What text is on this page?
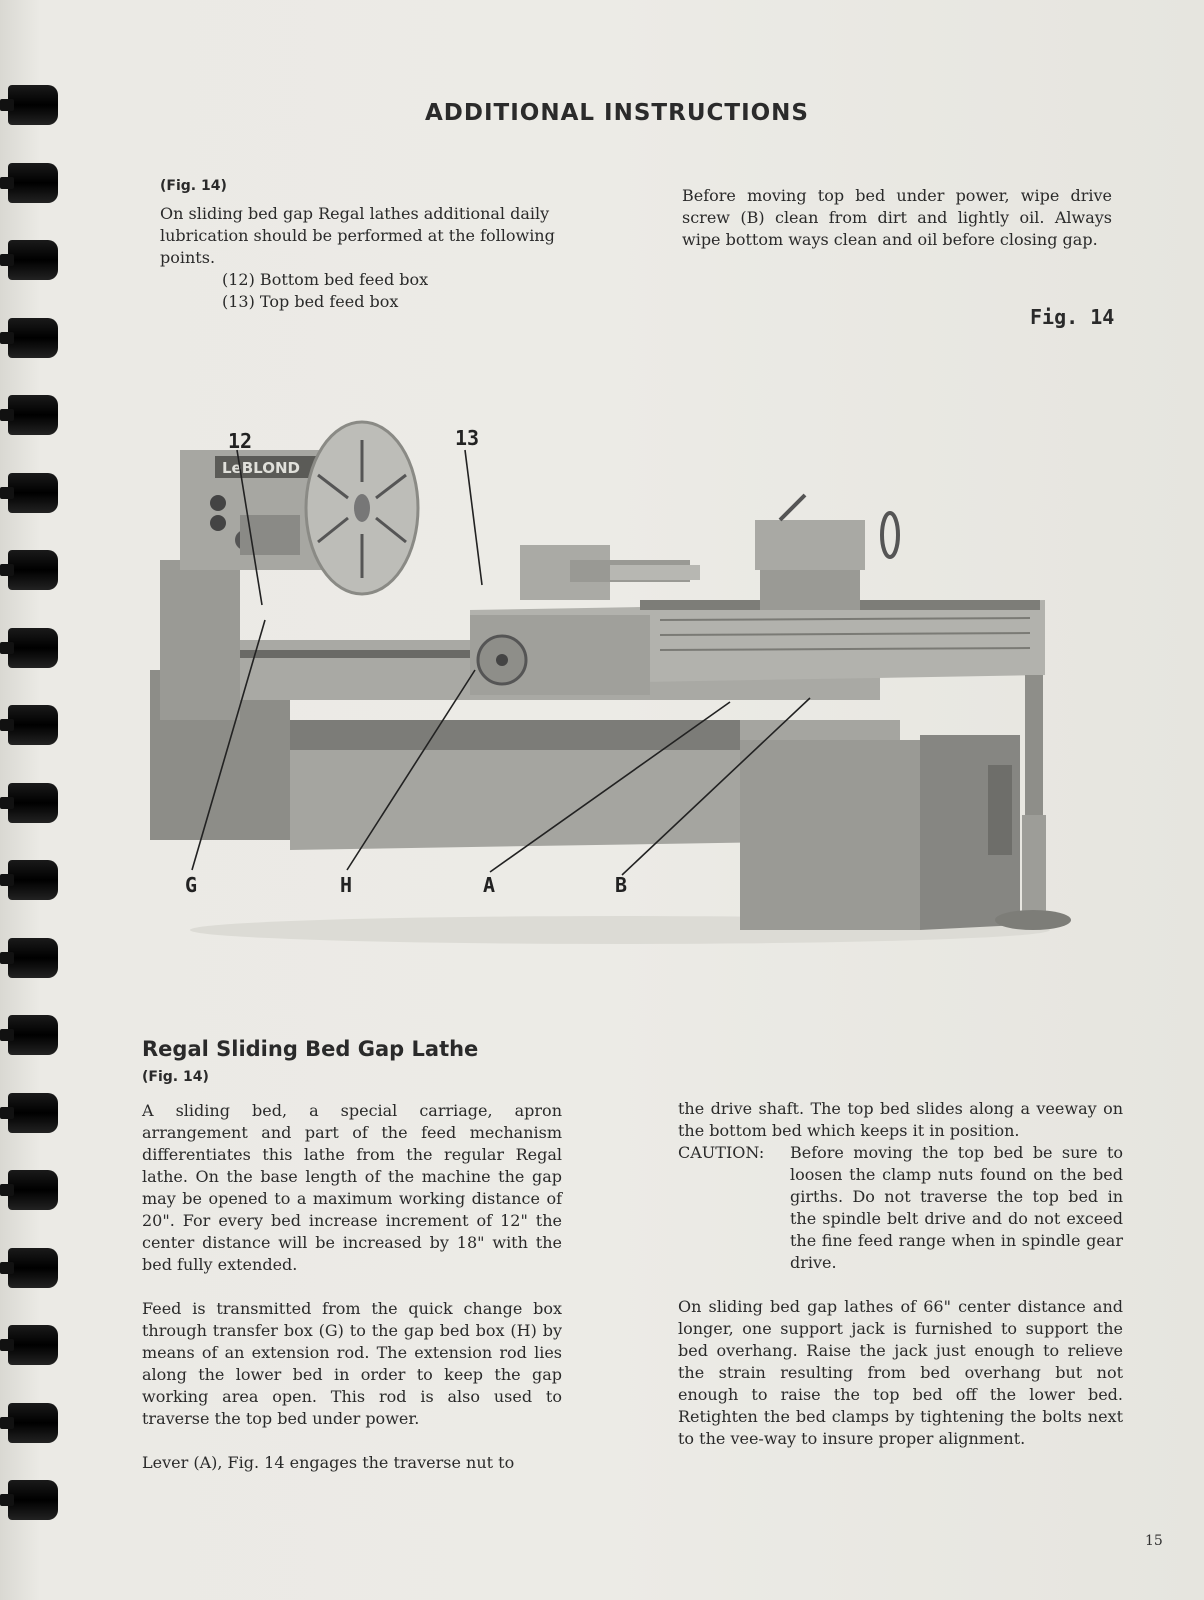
ADDITIONAL INSTRUCTIONS
(Fig. 14)
On sliding bed gap Regal lathes additional daily lubrication should be performed at the following points.
(12) Bottom bed feed box
(13) Top bed feed box
Before moving top bed under power, wipe drive screw (B) clean from dirt and lightly oil. Always wipe bottom ways clean and oil before closing gap.
Fig. 14
LeBLOND
12	13
G	H	A	B
Regal Sliding Bed Gap Lathe
(Fig. 14)
A sliding bed, a special carriage, apron arrangement and part of the feed mechanism differentiates this lathe from the regular Regal lathe. On the base length of the machine the gap may be opened to a maximum working distance of 20". For every bed increase increment of 12" the center distance will be increased by 18" with the bed fully extended.
Feed is transmitted from the quick change box through transfer box (G) to the gap bed box (H) by means of an extension rod. The extension rod lies along the lower bed in order to keep the gap working area open. This rod is also used to traverse the top bed under power.
Lever (A), Fig. 14 engages the traverse nut to
the drive shaft. The top bed slides along a veeway on the bottom bed which keeps it in position.
CAUTION:	Before moving the top bed be sure to loosen the clamp nuts found on the bed girths. Do not traverse the top bed in the spindle belt drive and do not exceed the fine feed range when in spindle gear drive.
On sliding bed gap lathes of 66" center distance and longer, one support jack is furnished to support the bed overhang. Raise the jack just enough to relieve the strain resulting from bed overhang but not enough to raise the top bed off the lower bed. Retighten the bed clamps by tightening the bolts next to the vee-way to insure proper alignment.
15
